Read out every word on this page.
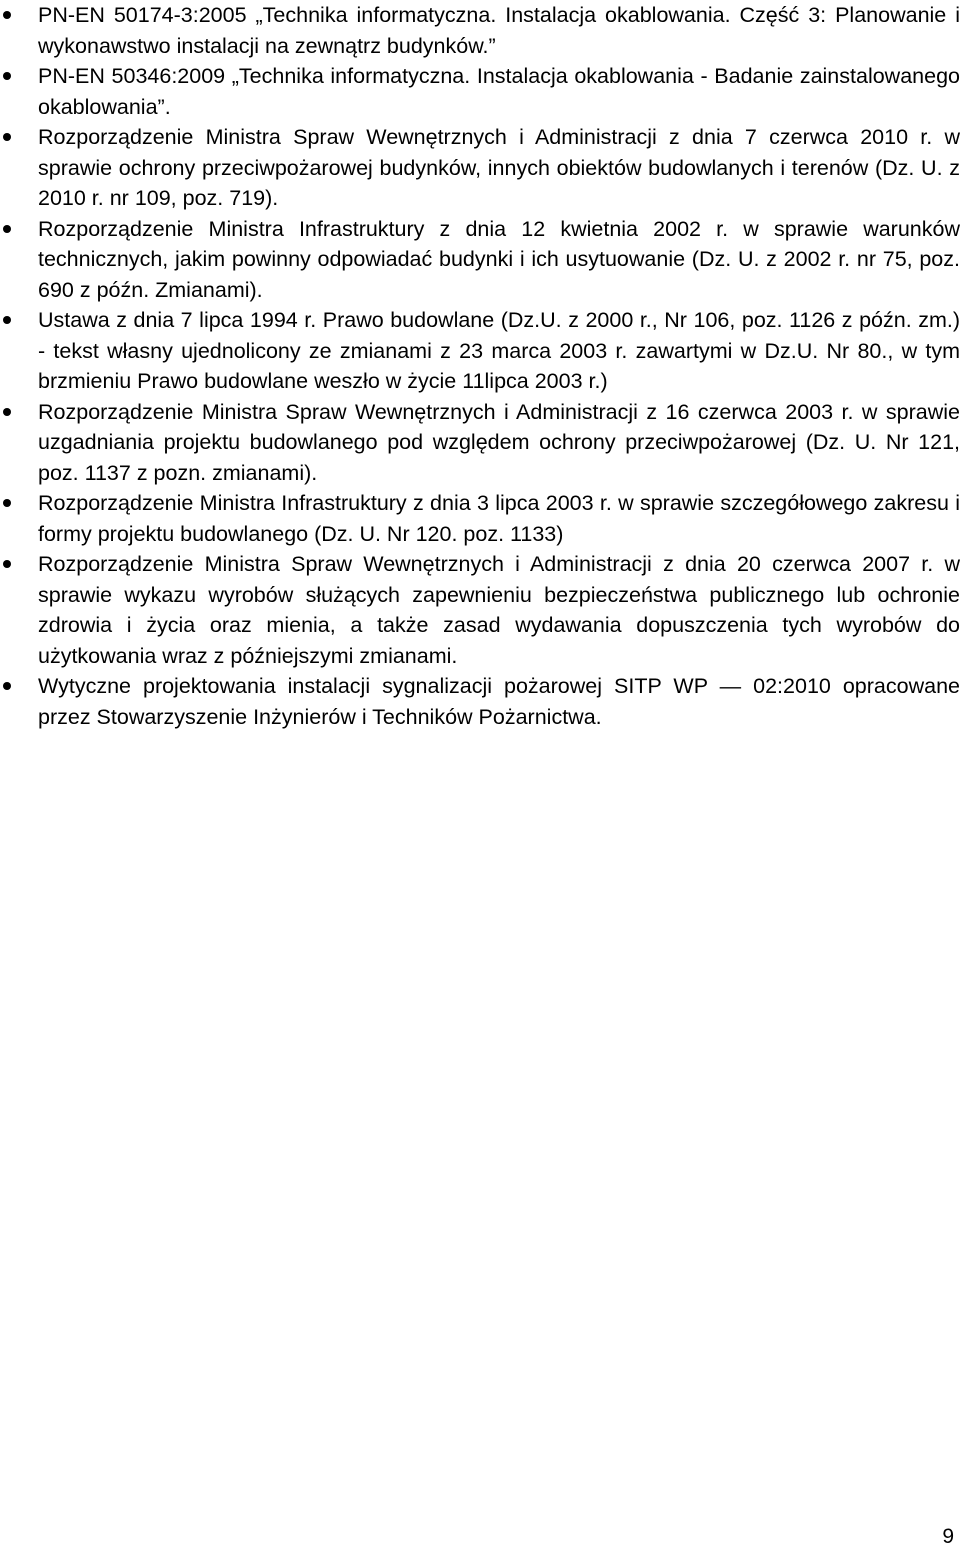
PN-EN 50174-3:2005 „Technika informatyczna. Instalacja okablowania. Część 3: Planowanie i wykonawstwo instalacji na zewnątrz budynków.”
PN-EN 50346:2009 „Technika informatyczna. Instalacja okablowania - Badanie zainstalowanego okablowania”.
Rozporządzenie Ministra Spraw Wewnętrznych i Administracji z dnia 7 czerwca 2010 r. w sprawie ochrony przeciwpożarowej budynków, innych obiektów budowlanych i terenów (Dz. U. z 2010 r. nr 109, poz. 719).
Rozporządzenie Ministra Infrastruktury z dnia 12 kwietnia 2002 r. w sprawie warunków technicznych, jakim powinny odpowiadać budynki i ich usytuowanie (Dz. U. z 2002 r. nr 75, poz. 690 z późn. Zmianami).
Ustawa z dnia 7 lipca 1994 r. Prawo budowlane (Dz.U. z 2000 r., Nr 106, poz. 1126 z późn. zm.) - tekst własny ujednolicony ze zmianami z 23 marca 2003 r. zawartymi w Dz.U. Nr 80., w tym brzmieniu Prawo budowlane weszło w życie 11lipca 2003 r.)
Rozporządzenie Ministra Spraw Wewnętrznych i Administracji z 16 czerwca 2003 r. w sprawie uzgadniania projektu budowlanego pod względem ochrony przeciwpożarowej (Dz. U. Nr 121, poz. 1137 z pozn. zmianami).
Rozporządzenie Ministra Infrastruktury z dnia 3 lipca 2003 r. w sprawie szczegółowego zakresu i formy projektu budowlanego (Dz. U. Nr 120. poz. 1133)
Rozporządzenie Ministra Spraw Wewnętrznych i Administracji z dnia 20 czerwca 2007 r. w sprawie wykazu wyrobów służących zapewnieniu bezpieczeństwa publicznego lub ochronie zdrowia i życia oraz mienia, a także zasad wydawania dopuszczenia tych wyrobów do użytkowania wraz z późniejszymi zmianami.
Wytyczne projektowania instalacji sygnalizacji pożarowej SITP WP — 02:2010 opracowane przez Stowarzyszenie Inżynierów i Techników Pożarnictwa.
9
